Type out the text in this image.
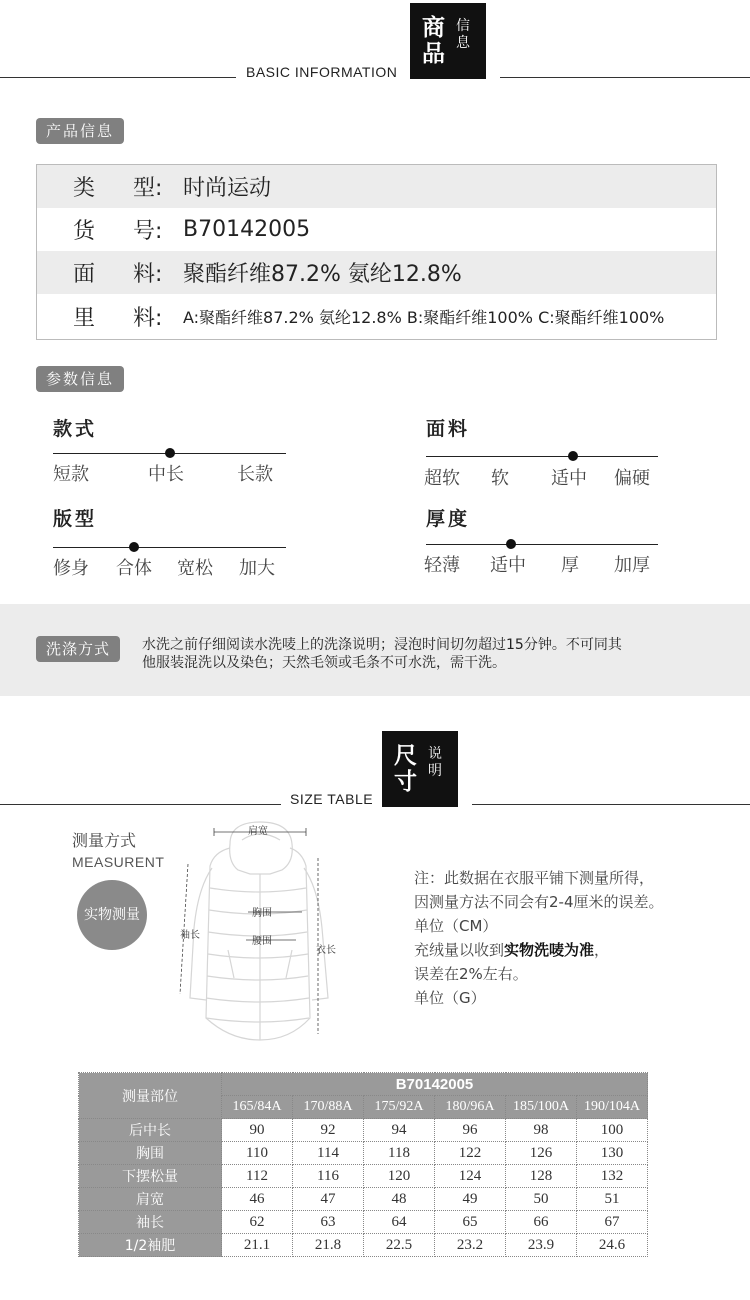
BASIC INFORMATION
商
品
信
息
产品信息
类 型: 时尚运动
货 号: B70142005
面 料: 聚酯纤维87.2% 氨纶12.8%
里 料: A:聚酯纤维87.2% 氨纶12.8% B:聚酯纤维100% C:聚酯纤维100%
参数信息
款式
短款	中长	长款
面料
超软 软 适中 偏硬
版型
修身 合体 宽松 加大
厚度
轻薄 适中 厚 加厚
洗涤方式	水洗之前仔细阅读水洗唛上的洗涤说明；浸泡时间切勿超过15分钟。不可同其
他服装混洗以及染色；天然毛领或毛条不可水洗，需干洗。
SIZE TABLE
尺
寸
说
明
测量方式
MEASURENT
实物测量
肩宽
胸围
腰围
袖长
衣长
注：此数据在衣服平铺下测量所得，
因测量方法不同会有2-4厘米的误差。
单位（CM）
充绒量以收到实物洗唛为准，
误差在2%左右。
单位（G）
测量部位	B70142005					
	165/84A	170/88A	175/92A	180/96A	185/100A	190/104A
后中长	90	92	94	96	98	100
胸围	110	114	118	122	126	130
下摆松量	112	116	120	124	128	132
肩宽	46	47	48	49	50	51
袖长	62	63	64	65	66	67
1/2袖肥	21.1	21.8	22.5	23.2	23.9	24.6
